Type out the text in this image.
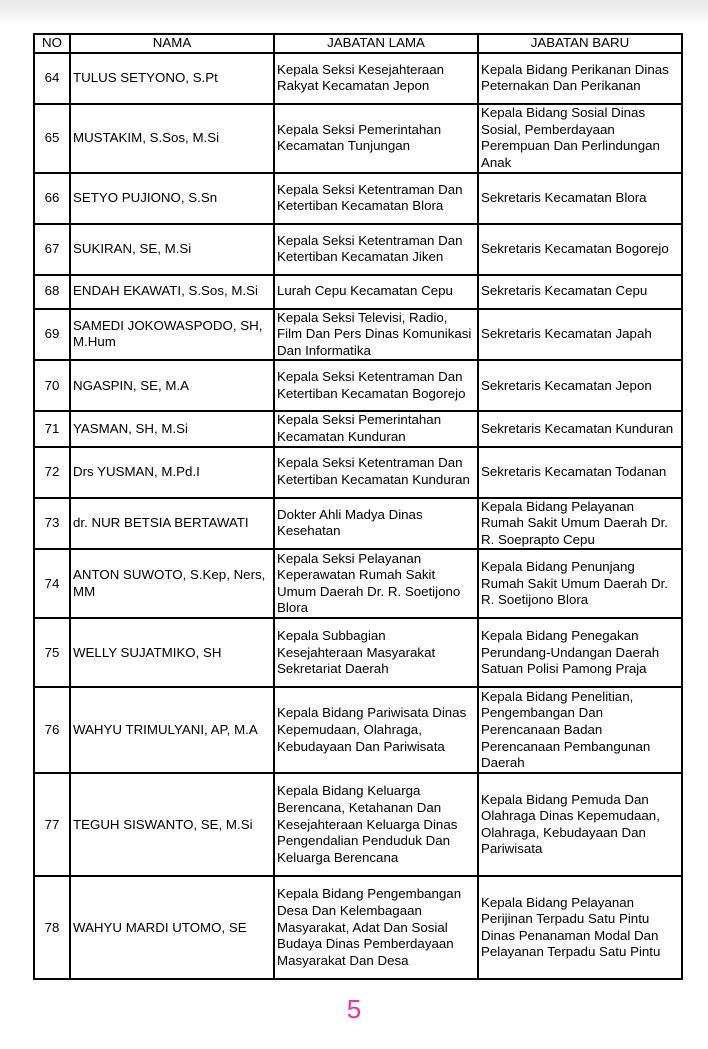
NO	NAMA	JABATAN LAMA	JABATAN BARU
64	TULUS SETYONO, S.Pt	Kepala Seksi Kesejahteraan Rakyat Kecamatan Jepon	Kepala Bidang Perikanan Dinas Peternakan Dan Perikanan
65	MUSTAKIM, S.Sos, M.Si	Kepala Seksi Pemerintahan Kecamatan Tunjungan	Kepala Bidang Sosial Dinas Sosial, Pemberdayaan Perempuan Dan Perlindungan Anak
66	SETYO PUJIONO, S.Sn	Kepala Seksi Ketentraman Dan Ketertiban Kecamatan Blora	Sekretaris Kecamatan Blora
67	SUKIRAN, SE, M.Si	Kepala Seksi Ketentraman Dan Ketertiban Kecamatan Jiken	Sekretaris Kecamatan Bogorejo
68	ENDAH EKAWATI, S.Sos, M.Si	Lurah Cepu Kecamatan Cepu	Sekretaris Kecamatan Cepu
69	SAMEDI JOKOWASPODO, SH, M.Hum	Kepala Seksi Televisi, Radio, Film Dan Pers Dinas Komunikasi Dan Informatika	Sekretaris Kecamatan Japah
70	NGASPIN, SE, M.A	Kepala Seksi Ketentraman Dan Ketertiban Kecamatan Bogorejo	Sekretaris Kecamatan Jepon
71	YASMAN, SH, M.Si	Kepala Seksi Pemerintahan Kecamatan Kunduran	Sekretaris Kecamatan Kunduran
72	Drs YUSMAN, M.Pd.I	Kepala Seksi Ketentraman Dan Ketertiban Kecamatan Kunduran	Sekretaris Kecamatan Todanan
73	dr. NUR BETSIA BERTAWATI	Dokter Ahli Madya Dinas Kesehatan	Kepala Bidang Pelayanan Rumah Sakit Umum Daerah Dr. R. Soeprapto Cepu
74	ANTON SUWOTO, S.Kep, Ners, MM	Kepala Seksi Pelayanan Keperawatan Rumah Sakit Umum Daerah Dr. R. Soetijono Blora	Kepala Bidang Penunjang Rumah Sakit Umum Daerah Dr. R. Soetijono Blora
75	WELLY SUJATMIKO, SH	Kepala Subbagian Kesejahteraan Masyarakat Sekretariat Daerah	Kepala Bidang Penegakan Perundang-Undangan Daerah Satuan Polisi Pamong Praja
76	WAHYU TRIMULYANI, AP, M.A	Kepala Bidang Pariwisata Dinas Kepemudaan, Olahraga, Kebudayaan Dan Pariwisata	Kepala Bidang Penelitian, Pengembangan Dan Perencanaan Badan Perencanaan Pembangunan Daerah
77	TEGUH SISWANTO, SE, M.Si	Kepala Bidang Keluarga Berencana, Ketahanan Dan Kesejahteraan Keluarga Dinas Pengendalian Penduduk Dan Keluarga Berencana	Kepala Bidang Pemuda Dan Olahraga Dinas Kepemudaan, Olahraga, Kebudayaan Dan Pariwisata
78	WAHYU MARDI UTOMO, SE	Kepala Bidang Pengembangan Desa Dan Kelembagaan Masyarakat, Adat Dan Sosial Budaya Dinas Pemberdayaan Masyarakat Dan Desa	Kepala Bidang Pelayanan Perijinan Terpadu Satu Pintu Dinas Penanaman Modal Dan Pelayanan Terpadu Satu Pintu
5
